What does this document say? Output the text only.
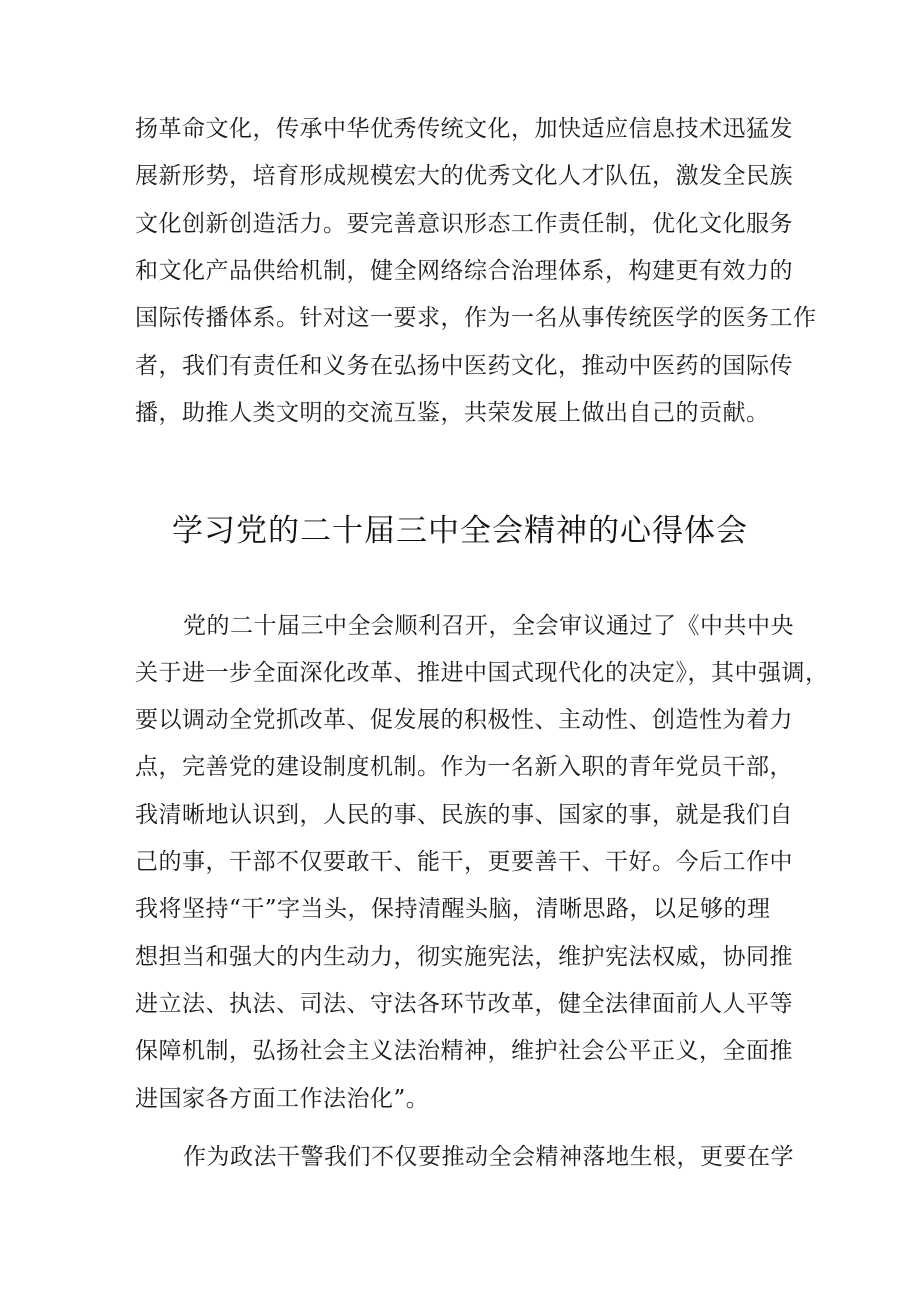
扬革命文化，传承中华优秀传统文化，加快适应信息技术迅猛发

展新形势，培育形成规模宏大的优秀文化人才队伍，激发全民族

文化创新创造活力。要完善意识形态工作责任制，优化文化服务

和文化产品供给机制，健全网络综合治理体系，构建更有效力的

国际传播体系。针对这一要求，作为一名从事传统医学的医务工作

者，我们有责任和义务在弘扬中医药文化，推动中医药的国际传

播，助推人类文明的交流互鉴，共荣发展上做出自己的贡献。

学习党的二十届三中全会精神的心得体会

党的二十届三中全会顺利召开，全会审议通过了《中共中央

关于进一步全面深化改革、推进中国式现代化的决定》，其中强调，

要以调动全党抓改革、促发展的积极性、主动性、创造性为着力

点，完善党的建设制度机制。作为一名新入职的青年党员干部，

我清晰地认识到，人民的事、民族的事、国家的事，就是我们自

己的事，干部不仅要敢干、能干，更要善干、干好。今后工作中

我将坚持“干”字当头，保持清醒头脑，清晰思路，以足够的理

想担当和强大的内生动力，彻实施宪法，维护宪法权威，协同推

进立法、执法、司法、守法各环节改革，健全法律面前人人平等

保障机制，弘扬社会主义法治精神，维护社会公平正义，全面推

进国家各方面工作法治化”。

作为政法干警我们不仅要推动全会精神落地生根，更要在学
